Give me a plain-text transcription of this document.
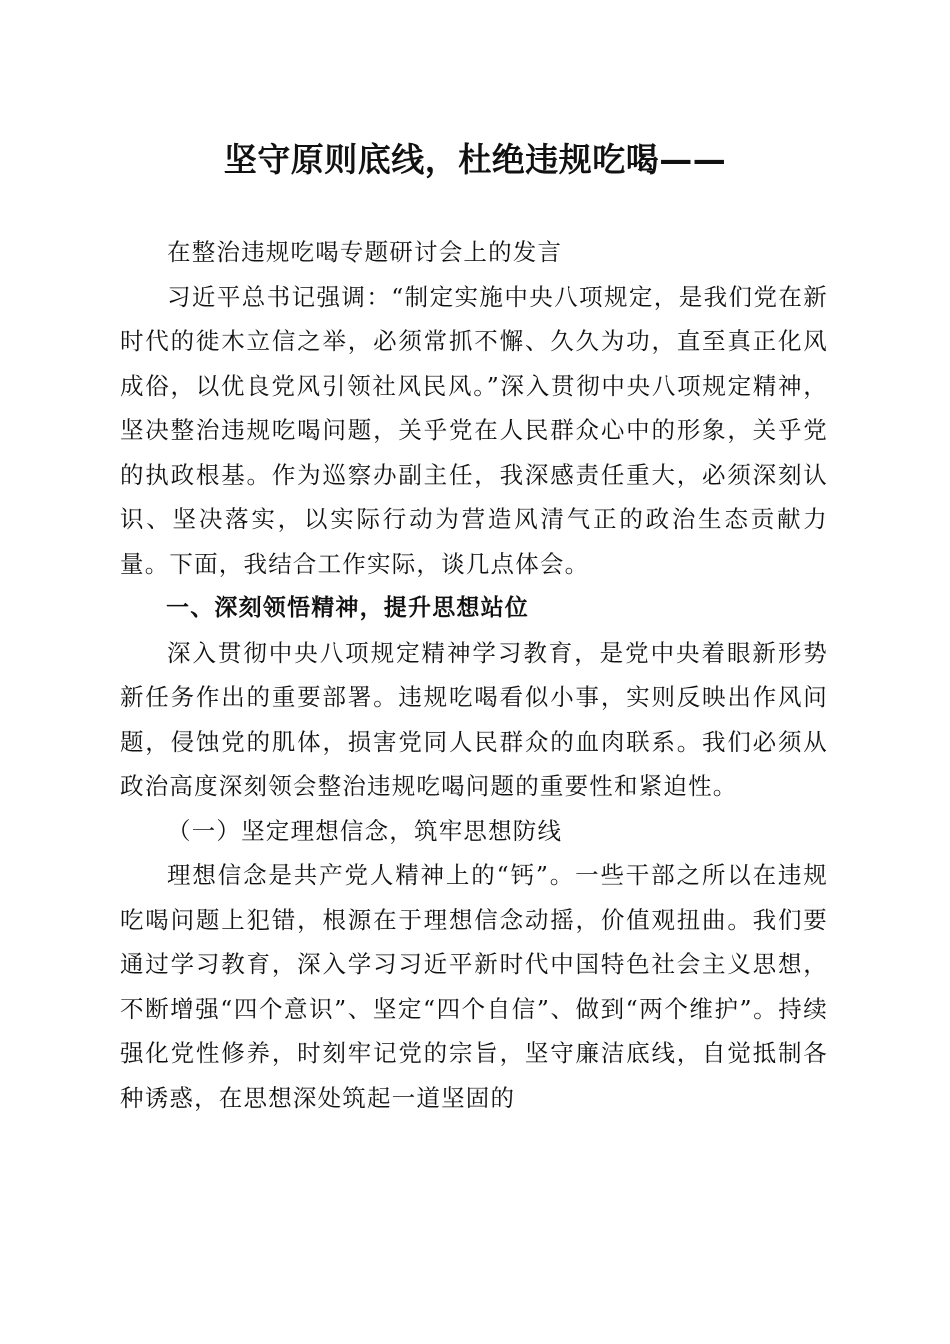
坚守原则底线，杜绝违规吃喝——

在整治违规吃喝专题研讨会上的发言

习近平总书记强调：“制定实施中央八项规定，是我们党在新时代的徙木立信之举，必须常抓不懈、久久为功，直至真正化风成俗，以优良党风引领社风民风。”深入贯彻中央八项规定精神，坚决整治违规吃喝问题，关乎党在人民群众心中的形象，关乎党的执政根基。作为巡察办副主任，我深感责任重大，必须深刻认识、坚决落实，以实际行动为营造风清气正的政治生态贡献力量。下面，我结合工作实际，谈几点体会。

一、深刻领悟精神，提升思想站位

深入贯彻中央八项规定精神学习教育，是党中央着眼新形势新任务作出的重要部署。违规吃喝看似小事，实则反映出作风问题，侵蚀党的肌体，损害党同人民群众的血肉联系。我们必须从政治高度深刻领会整治违规吃喝问题的重要性和紧迫性。

（一）坚定理想信念，筑牢思想防线

理想信念是共产党人精神上的“钙”。一些干部之所以在违规吃喝问题上犯错，根源在于理想信念动摇，价值观扭曲。我们要通过学习教育，深入学习习近平新时代中国特色社会主义思想，不断增强“四个意识”、坚定“四个自信”、做到“两个维护”。持续强化党性修养，时刻牢记党的宗旨，坚守廉洁底线，自觉抵制各种诱惑，在思想深处筑起一道坚固的
